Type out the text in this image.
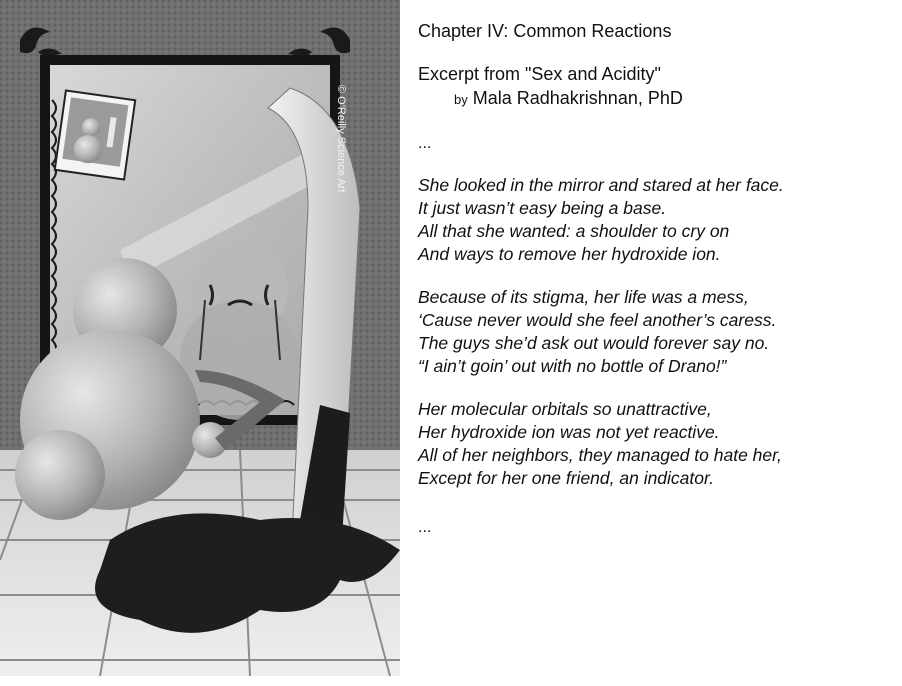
© O'Reilly Science Art
Chapter IV: Common Reactions

Excerpt from "Sex and Acidity"

by Mala Radhakrishnan, PhD

...

She looked in the mirror and stared at her face.
It just wasn’t easy being a base.
All that she wanted: a shoulder to cry on
And ways to remove her hydroxide ion.
Because of its stigma, her life was a mess,
‘Cause never would she feel another’s caress.
The guys she’d ask out would forever say no.
“I ain’t goin’ out with no bottle of Drano!”
Her molecular orbitals so unattractive,
Her hydroxide ion was not yet reactive.
All of her neighbors, they managed to hate her,
Except for her one friend, an indicator.

...
